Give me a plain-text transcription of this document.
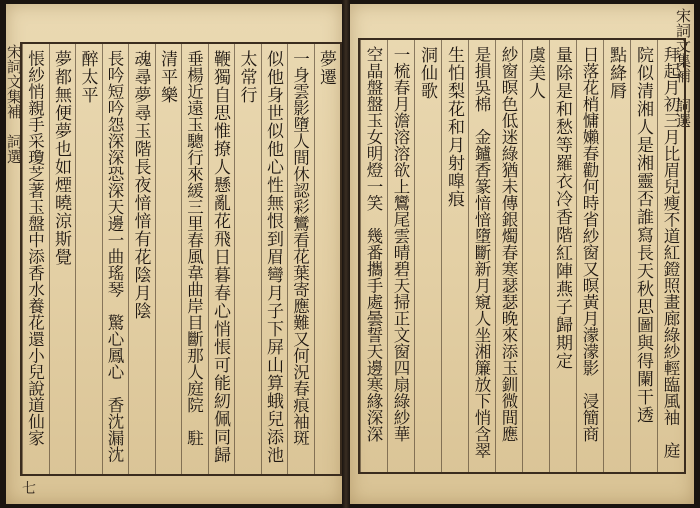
宋詞文集補　詞選	夢遷
一身雲影墮人間休認彩鸞看花葉寄應難又何況春痕袖斑
似他身世似他心性無恨到眉彎月子下屏山算蛾兒添池
太常行
鞭獨自思惟撩人懸亂花飛日暮春心悄悵可能紉佩同歸
垂楊近遠玉驄行來緩三里春風韋曲岸目斷那人庭院　駐
清平樂
魂尋夢尋玉階長夜愔愔有花陰月陰
長吟短吟怨深深恐深天邊一曲瑤琴　驚心鳳心　香沈漏沈
醉太平
夢都無便夢也如煙曉涼斯覺
悵紗悄親手采瓊芝著玉盤中添香水養花還小兒說道仙家
七
宋詞文集補　詞選
拜起月初三月比眉兒瘦不道紅鐙照畫廊綠紗輕臨風袖　庭
院似清湘人是湘靈否誰寫長天秋思圖與得闌干透
點絳脣
日落花梢慵嬾春勸何時省紗窗又暝黃月濛濛影　浸簡商
量除是和愁等羅衣冷香階紅陣燕子歸期定
虞美人
紗窗暝色低迷綠猶未傳銀燭春寒瑟瑟晚來添玉釧微間應
是損吳棉　金鑪香篆愔愔墮斷新月窺人坐湘簾放下悄含翠
生怕梨花和月射嘷痕
洞仙歌
一梳春月澹溶溶欲上鸞尾雲晴碧天掃正文窗四扇綠紗華
空晶盤盤玉女明燈一笑　幾番攜手處曇誓天邊寒緣深深
